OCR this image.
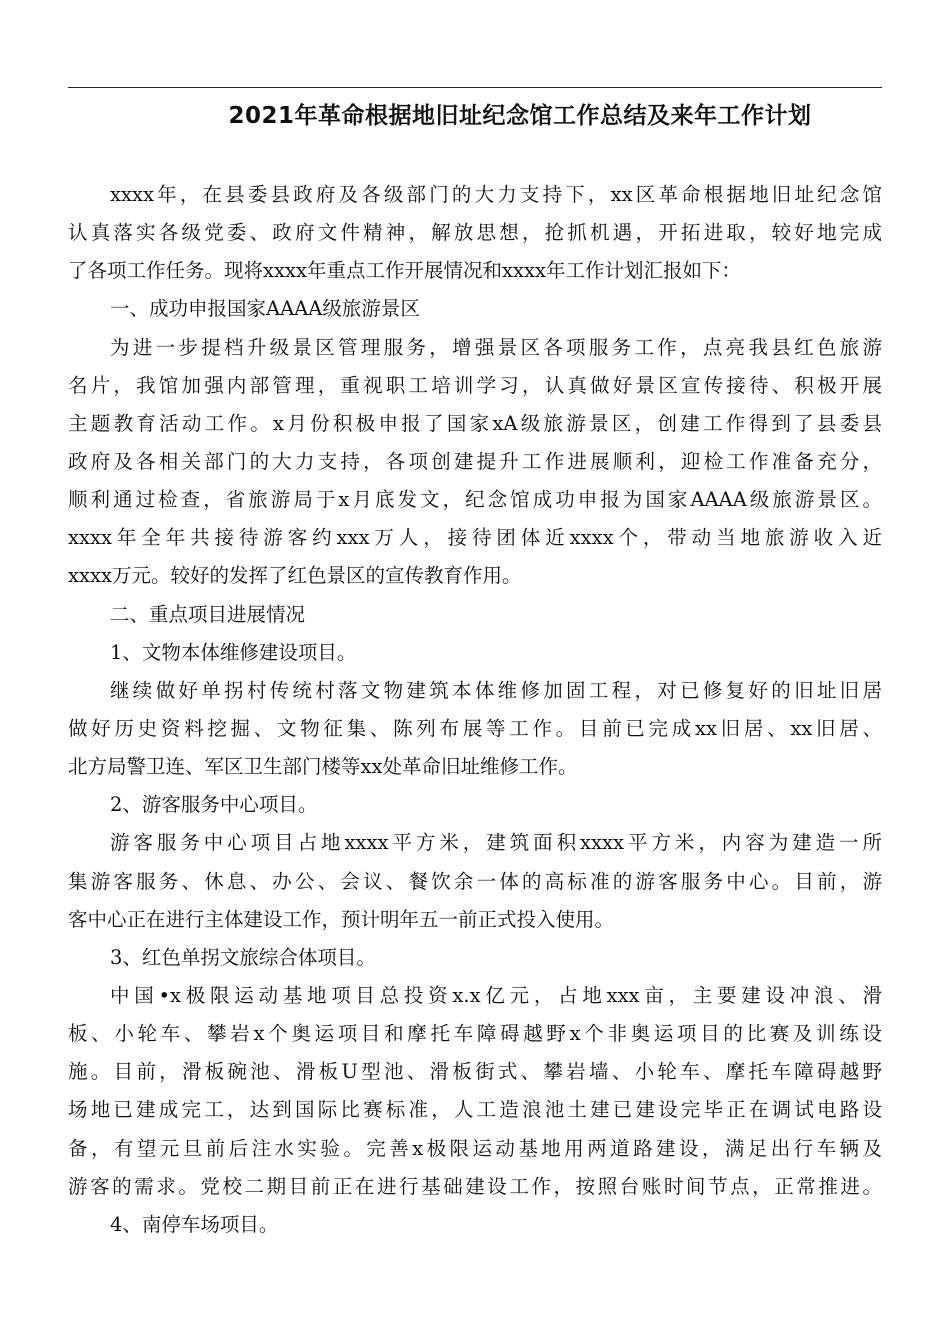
2021年革命根据地旧址纪念馆工作总结及来年工作计划
xxxx年，在县委县政府及各级部门的大力支持下，xx区革命根据地旧址纪念馆
认真落实各级党委、政府文件精神，解放思想，抢抓机遇，开拓进取，较好地完成
了各项工作任务。现将xxxx年重点工作开展情况和xxxx年工作计划汇报如下：
一、成功申报国家AAAA级旅游景区
为进一步提档升级景区管理服务，增强景区各项服务工作，点亮我县红色旅游
名片，我馆加强内部管理，重视职工培训学习，认真做好景区宣传接待、积极开展
主题教育活动工作。x月份积极申报了国家xA级旅游景区，创建工作得到了县委县
政府及各相关部门的大力支持，各项创建提升工作进展顺利，迎检工作准备充分，
顺利通过检查，省旅游局于x月底发文，纪念馆成功申报为国家AAAA级旅游景区。
xxxx年全年共接待游客约xxx万人，接待团体近xxxx个，带动当地旅游收入近
xxxx万元。较好的发挥了红色景区的宣传教育作用。
二、重点项目进展情况
1、文物本体维修建设项目。
继续做好单拐村传统村落文物建筑本体维修加固工程，对已修复好的旧址旧居
做好历史资料挖掘、文物征集、陈列布展等工作。目前已完成xx旧居、xx旧居、
北方局警卫连、军区卫生部门楼等xx处革命旧址维修工作。
2、游客服务中心项目。
游客服务中心项目占地xxxx平方米，建筑面积xxxx平方米，内容为建造一所
集游客服务、休息、办公、会议、餐饮余一体的高标准的游客服务中心。目前，游
客中心正在进行主体建设工作，预计明年五一前正式投入使用。
3、红色单拐文旅综合体项目。
中国•x极限运动基地项目总投资x.x亿元，占地xxx亩，主要建设冲浪、滑
板、小轮车、攀岩x个奥运项目和摩托车障碍越野x个非奥运项目的比赛及训练设
施。目前，滑板碗池、滑板U型池、滑板街式、攀岩墙、小轮车、摩托车障碍越野
场地已建成完工，达到国际比赛标准，人工造浪池土建已建设完毕正在调试电路设
备，有望元旦前后注水实验。完善x极限运动基地用两道路建设，满足出行车辆及
游客的需求。党校二期目前正在进行基础建设工作，按照台账时间节点，正常推进。
4、南停车场项目。
